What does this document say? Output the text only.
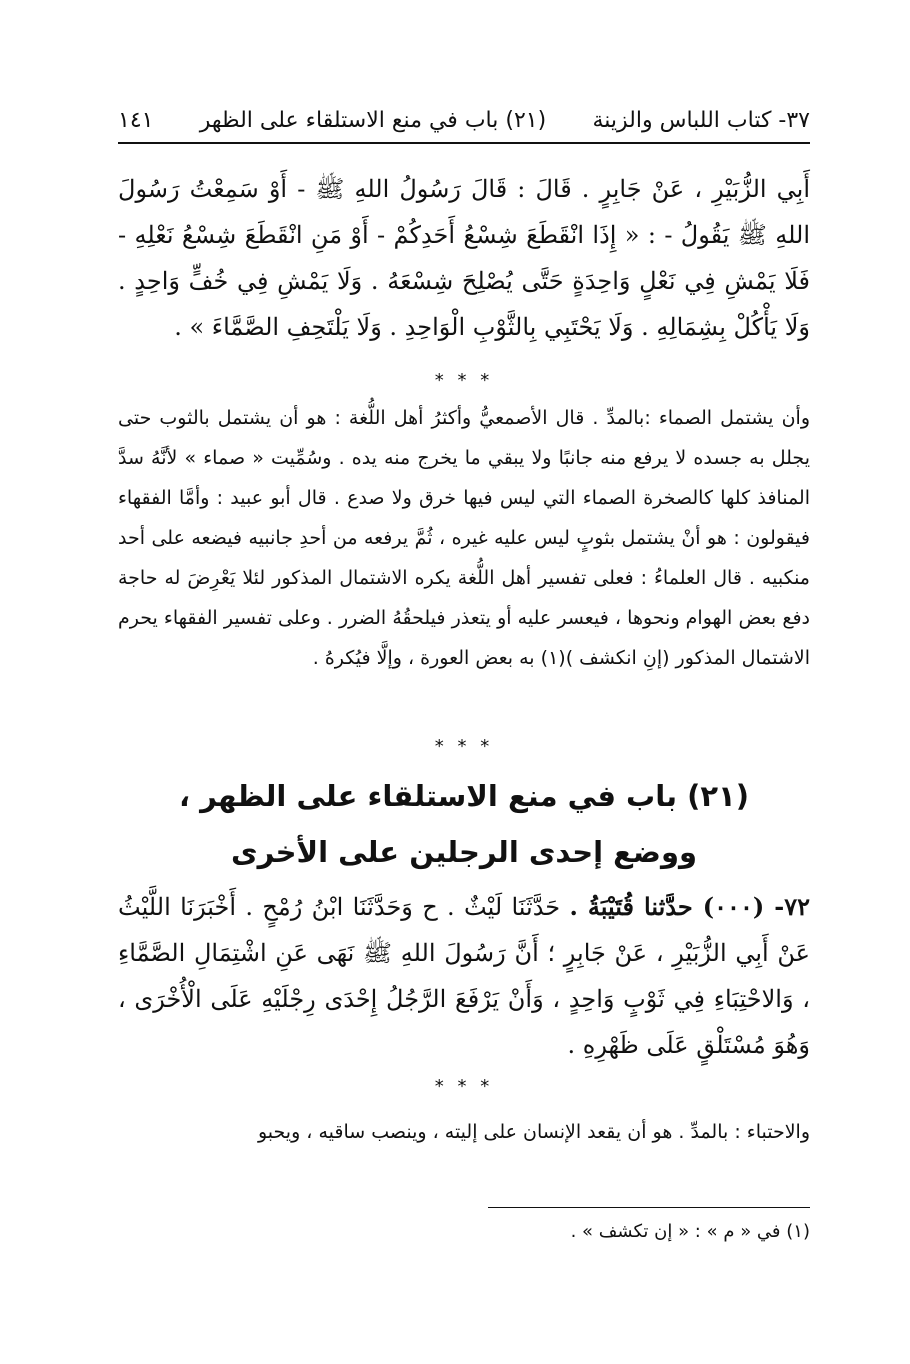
٣٧- كتاب اللباس والزينة
(٢١) باب في منع الاستلقاء على الظهر
١٤١
أَبِي الزُّبَيْرِ ، عَنْ جَابِرٍ . قَالَ : قَالَ رَسُولُ اللهِ ﷺ - أَوْ سَمِعْتُ رَسُولَ اللهِ ﷺ يَقُولُ - : « إِذَا انْقَطَعَ شِسْعُ أَحَدِكُمْ - أَوْ مَنِ انْقَطَعَ شِسْعُ نَعْلِهِ - فَلَا يَمْشِ فِي نَعْلٍ وَاحِدَةٍ حَتَّى يُصْلِحَ شِسْعَهُ . وَلَا يَمْشِ فِي خُفٍّ وَاحِدٍ . وَلَا يَأْكُلْ بِشِمَالِهِ . وَلَا يَحْتَبِي بِالثَّوْبِ الْوَاحِدِ . وَلَا يَلْتَحِفِ الصَّمَّاءَ » .
* * *
وأن يشتمل الصماء :بالمدِّ . قال الأصمعيُّ وأكثرُ أهل اللُّغة : هو أن يشتمل بالثوب حتى يجلل به جسده لا يرفع منه جانبًا ولا يبقي ما يخرج منه يده . وسُمِّيت « صماء » لأنَّهُ سدَّ المنافذ كلها كالصخرة الصماء التي ليس فيها خرق ولا صدع . قال أبو عبيد : وأمَّا الفقهاء فيقولون : هو أنْ يشتمل بثوبٍ ليس عليه غيره ، ثُمَّ يرفعه من أحدِ جانبيه فيضعه على أحد منكبيه . قال العلماءُ : فعلى تفسير أهل اللُّغة يكره الاشتمال المذكور لئلا يَعْرِضَ له حاجة دفع بعض الهوام ونحوها ، فيعسر عليه أو يتعذر فيلحقُهُ الضرر . وعلى تفسير الفقهاء يحرم الاشتمال المذكور (إنِ انكشف )(١) به بعض العورة ، وإلَّا فيُكرهُ .
* * *
(٢١) باب في منع الاستلقاء على الظهر ،
ووضع إحدى الرجلين على الأخرى
٧٢- (٠٠٠) حدَّثنا قُتَيْبَةُ . حَدَّثَنَا لَيْثٌ . ح وَحَدَّثَنَا ابْنُ رُمْحٍ . أَخْبَرَنَا اللَّيْثُ عَنْ أَبِي الزُّبَيْرِ ، عَنْ جَابِرٍ ؛ أَنَّ رَسُولَ اللهِ ﷺ نَهَى عَنِ اشْتِمَالِ الصَّمَّاءِ ، وَالاحْتِبَاءِ فِي ثَوْبٍ وَاحِدٍ ، وَأَنْ يَرْفَعَ الرَّجُلُ إِحْدَى رِجْلَيْهِ عَلَى الْأُخْرَى ، وَهُوَ مُسْتَلْقٍ عَلَى ظَهْرِهِ .
* * *
والاحتباء : بالمدِّ . هو أن يقعد الإنسان على إليته ، وينصب ساقيه ، ويحبو
(١) في « م » : « إن تكشف » .
